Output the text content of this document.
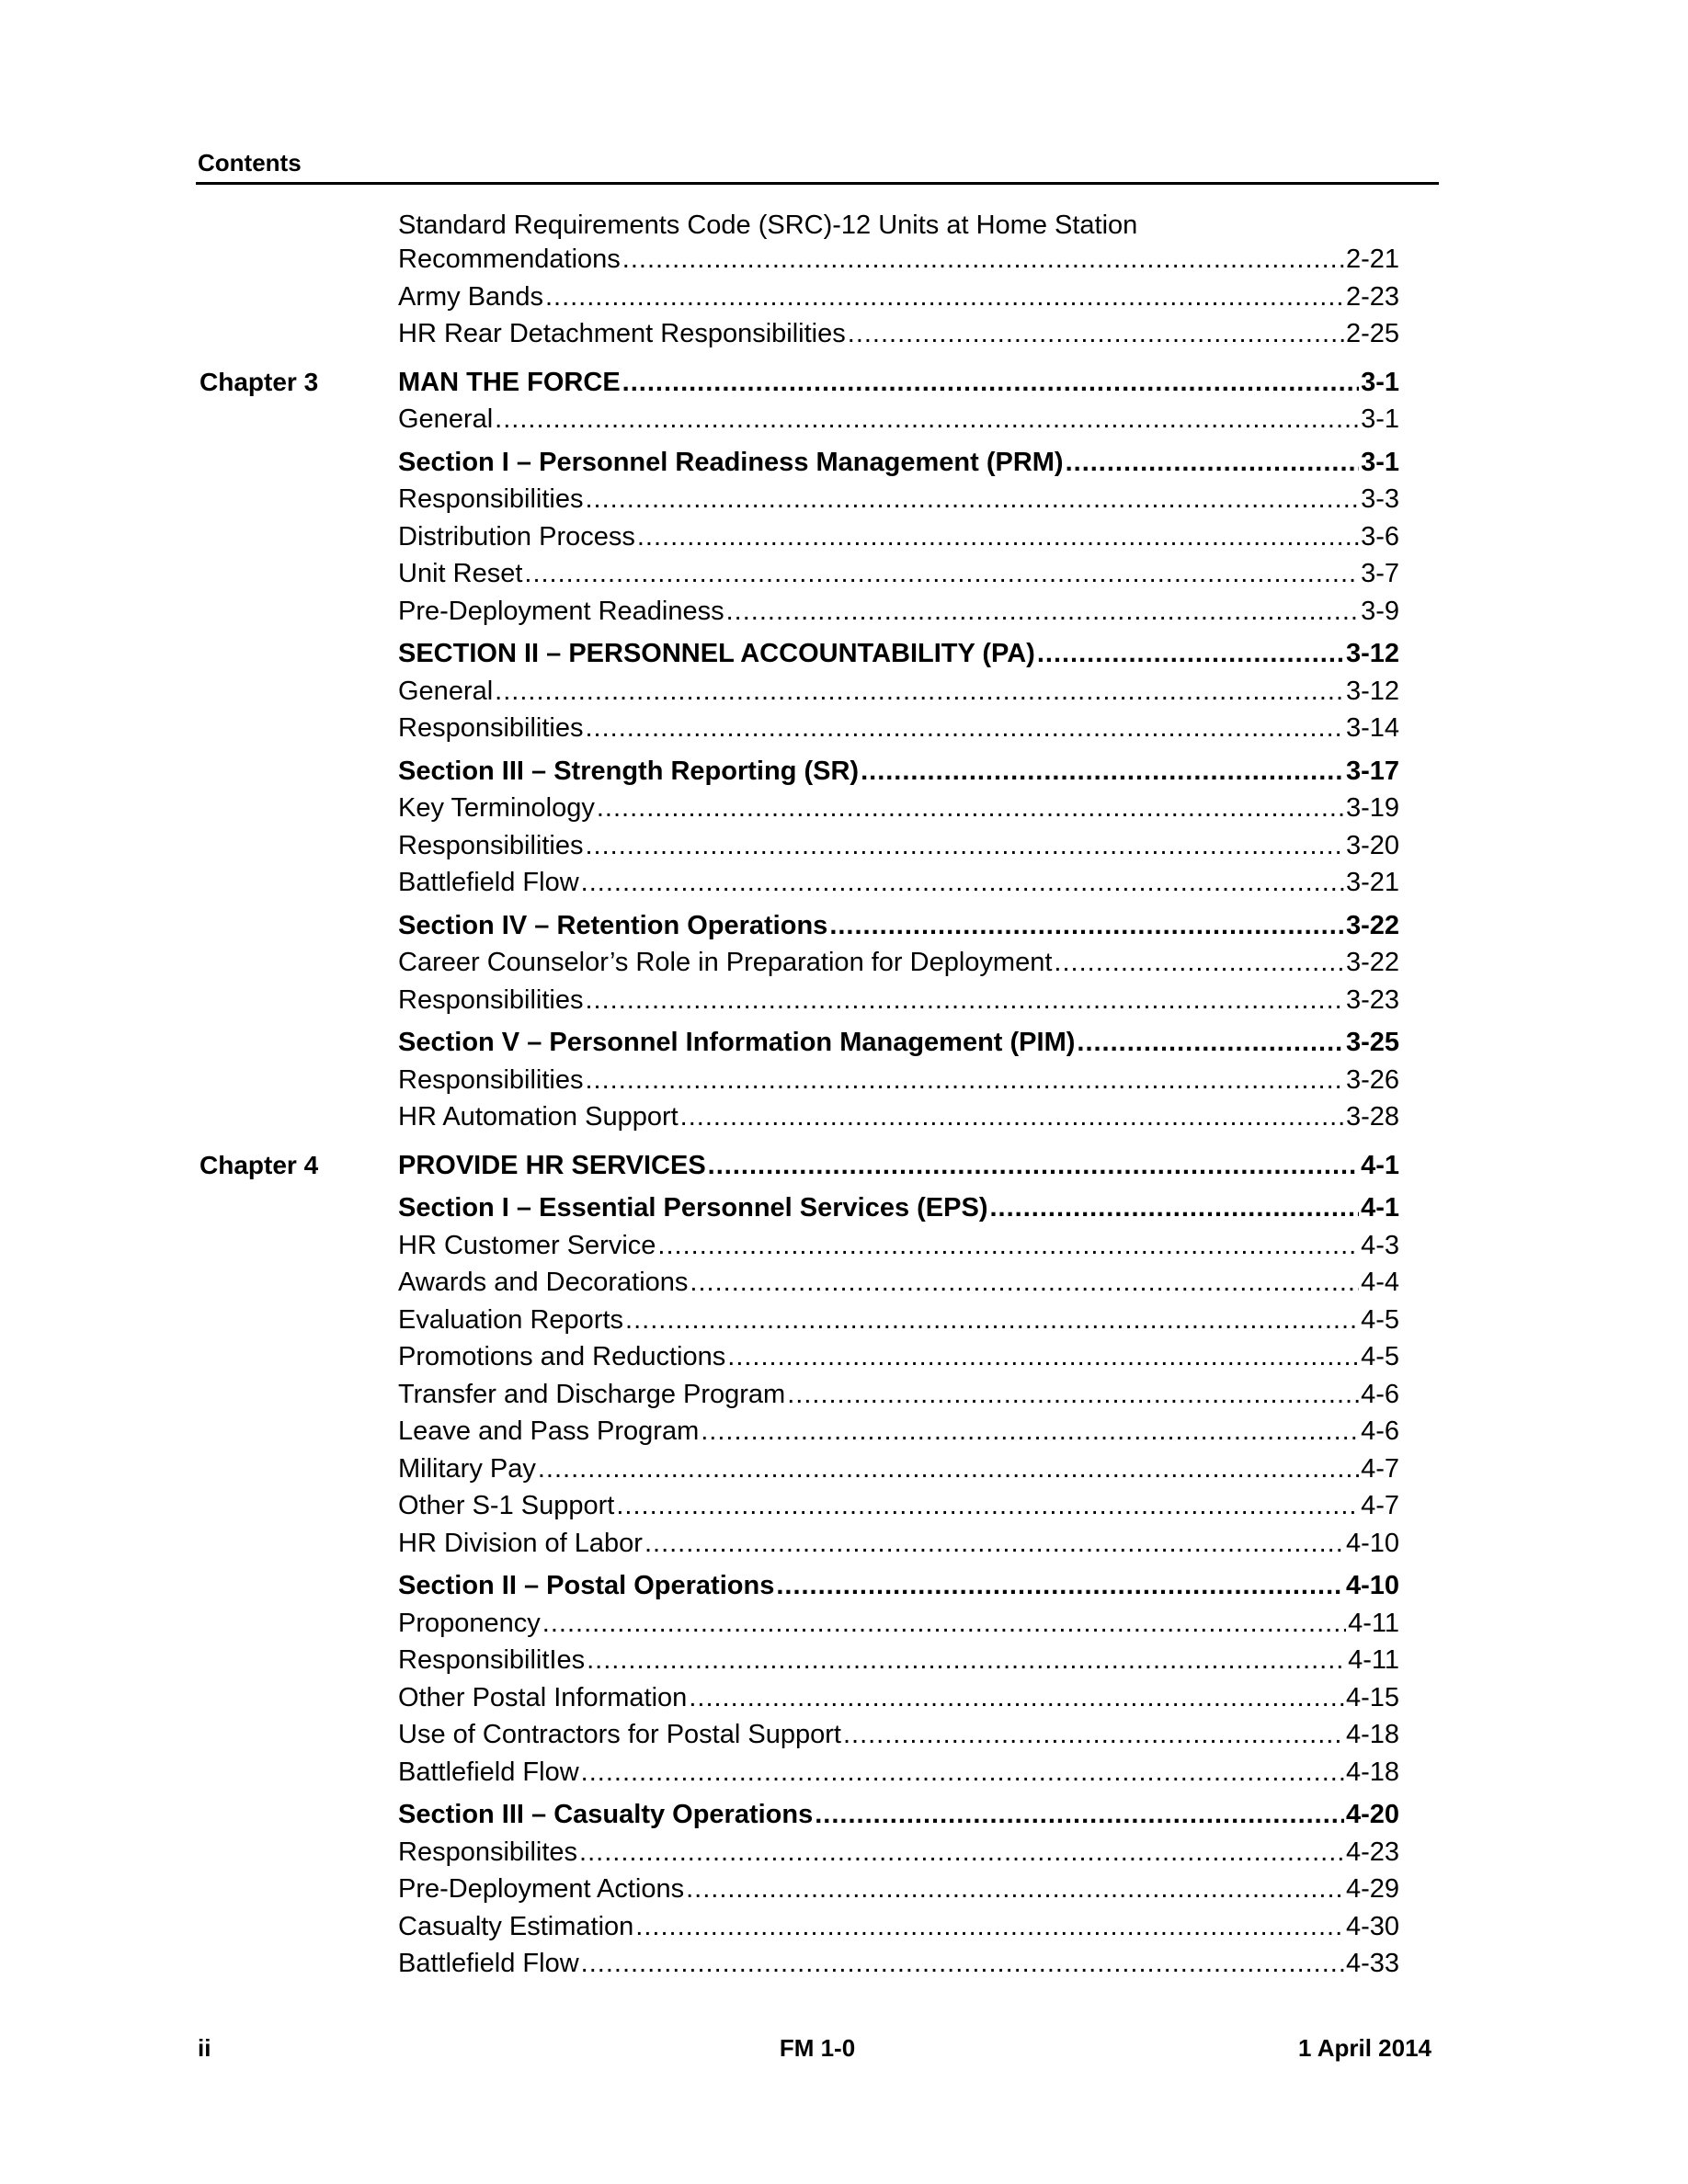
Contents
Standard Requirements Code (SRC)-12 Units at Home Station
Recommendations .....	2-21
Army Bands .....	2-23
HR Rear Detachment Responsibilities .....	2-25
Chapter 3	MAN THE FORCE .....	3-1
General .....	3-1
Section I – Personnel Readiness Management (PRM) .....	3-1
Responsibilities .....	3-3
Distribution Process .....	3-6
Unit Reset .....	3-7
Pre-Deployment Readiness .....	3-9
SECTION II – PERSONNEL ACCOUNTABILITY (PA) .....	3-12
General .....	3-12
Responsibilities .....	3-14
Section III – Strength Reporting (SR) .....	3-17
Key Terminology .....	3-19
Responsibilities .....	3-20
Battlefield Flow .....	3-21
Section IV – Retention Operations .....	3-22
Career Counselor’s Role in Preparation for Deployment .....	3-22
Responsibilities .....	3-23
Section V – Personnel Information Management (PIM) .....	3-25
Responsibilities .....	3-26
HR Automation Support .....	3-28
Chapter 4	PROVIDE HR SERVICES .....	4-1
Section I – Essential Personnel Services (EPS) .....	4-1
HR Customer Service .....	4-3
Awards and Decorations .....	4-4
Evaluation Reports .....	4-5
Promotions and Reductions .....	4-5
Transfer and Discharge Program .....	4-6
Leave and Pass Program .....	4-6
Military Pay .....	4-7
Other S-1 Support .....	4-7
HR Division of Labor .....	4-10
Section II – Postal Operations .....	4-10
Proponency .....	4-11
ResponsibilitIes .....	4-11
Other Postal Information .....	4-15
Use of Contractors for Postal Support .....	4-18
Battlefield Flow .....	4-18
Section III – Casualty Operations .....	4-20
Responsibilites .....	4-23
Pre-Deployment Actions .....	4-29
Casualty Estimation .....	4-30
Battlefield Flow .....	4-33
ii	FM 1-0	1 April 2014
